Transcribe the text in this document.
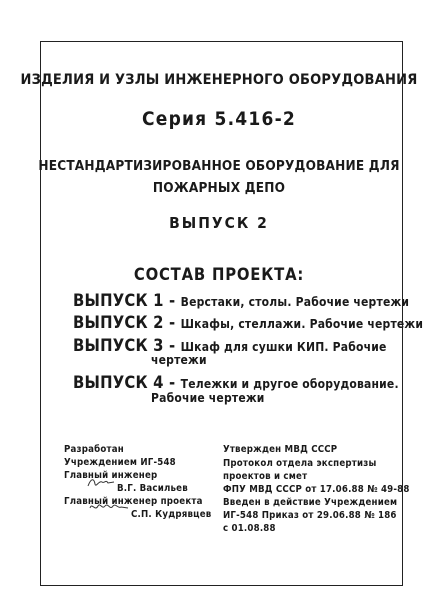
ИЗДЕЛИЯ И УЗЛЫ ИНЖЕНЕРНОГО ОБОРУДОВАНИЯ
Серия 5.416-2
НЕСТАНДАРТИЗИРОВАННОЕ ОБОРУДОВАНИЕ ДЛЯ
ПОЖАРНЫХ ДЕПО
ВЫПУСК 2
СОСТАВ ПРОЕКТА:
ВЫПУСК 1 - Верстаки, столы. Рабочие чертежи
ВЫПУСК 2 - Шкафы, стеллажи. Рабочие чертежи
ВЫПУСК 3 - Шкаф для сушки КИП. Рабочие
чертежи
ВЫПУСК 4 - Тележки и другое оборудование.
Рабочие чертежи
Разработан
Учреждением ИГ-548
Главный инженер
В.Г. Васильев
Главный инженер проекта
С.П. Кудрявцев
Утвержден МВД СССР
Протокол отдела экспертизы
проектов и смет
ФПУ МВД СССР от 17.06.88 № 49-88
Введен в действие Учреждением
ИГ-548 Приказ от 29.06.88 № 186
с 01.08.88
